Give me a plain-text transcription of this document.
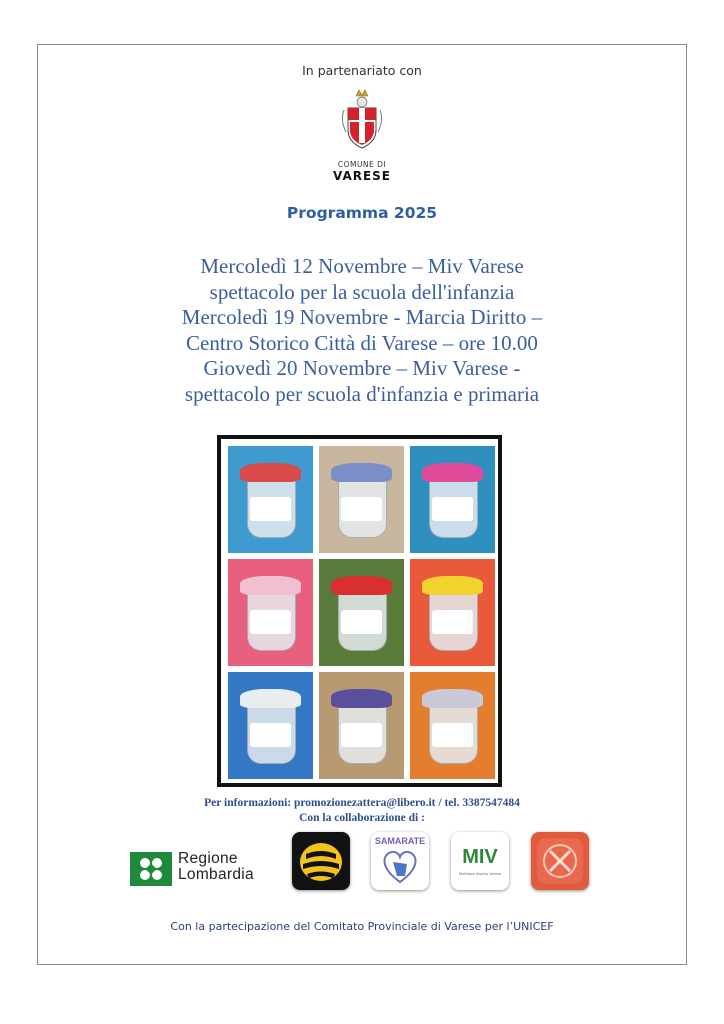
In partenariato con
COMUNE DI
VARESE
Programma 2025
Mercoledì 12 Novembre – Miv Varese
spettacolo per la scuola dell'infanzia
Mercoledì 19 Novembre - Marcia Diritto –
Centro Storico Città di Varese – ore 10.00
Giovedì 20 Novembre – Miv Varese -
spettacolo per scuola d'infanzia e primaria
Per informazioni: promozionezattera@libero.it / tel. 3387547484
Con la collaborazione di :
Regione
Lombardia
SAMARATE
MIV
Multisala Impero Varese
Con la partecipazione del Comitato Provinciale di Varese per l’UNICEF
